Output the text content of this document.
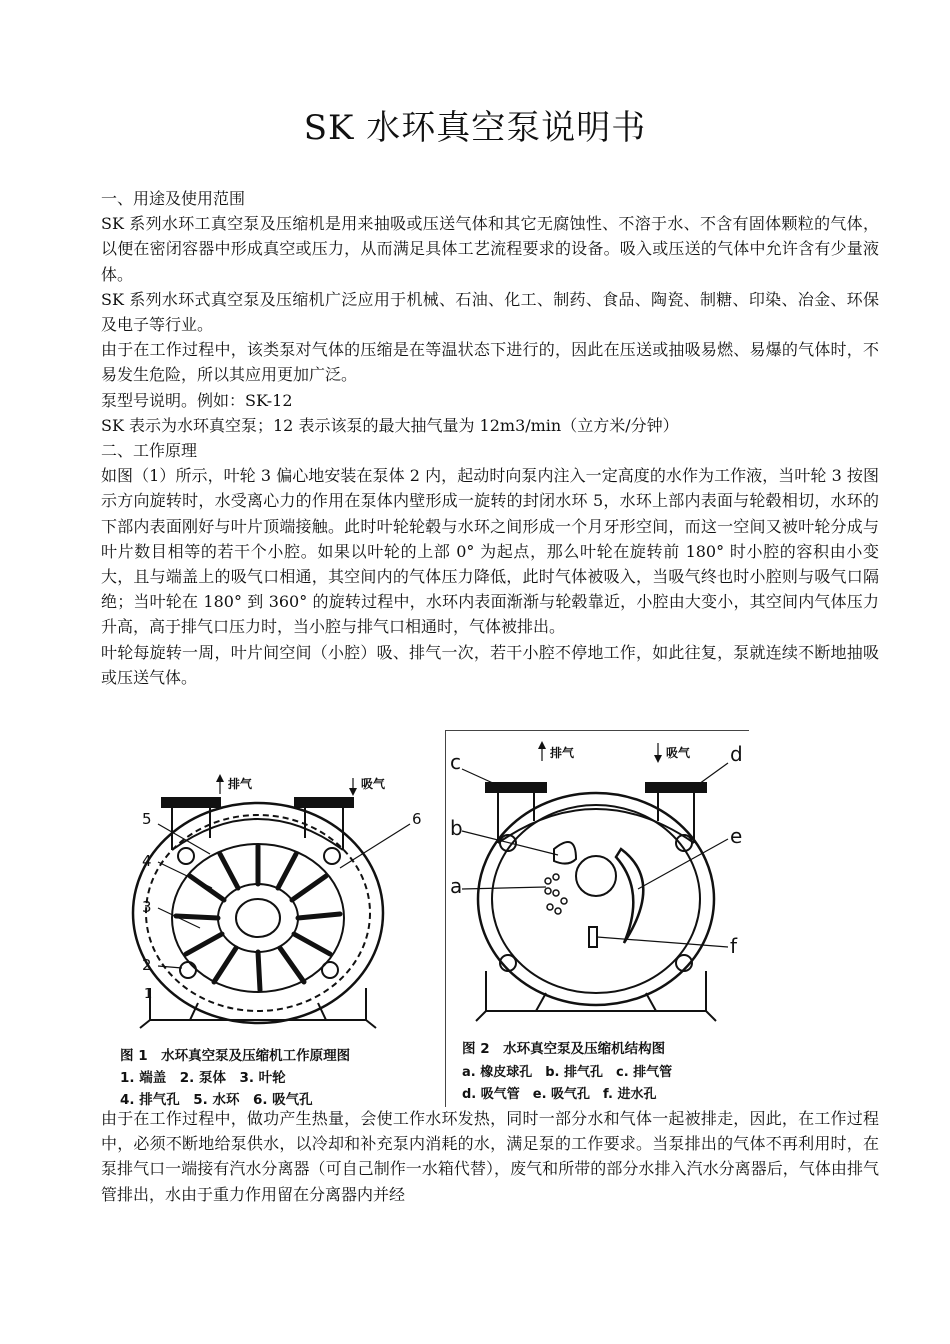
SK 水环真空泵说明书

一、用途及使用范围

SK 系列水环工真空泵及压缩机是用来抽吸或压送气体和其它无腐蚀性、不溶于水、不含有固体颗粒的气体，以便在密闭容器中形成真空或压力，从而满足具体工艺流程要求的设备。吸入或压送的气体中允许含有少量液体。

SK 系列水环式真空泵及压缩机广泛应用于机械、石油、化工、制药、食品、陶瓷、制糖、印染、冶金、环保及电子等行业。

由于在工作过程中，该类泵对气体的压缩是在等温状态下进行的，因此在压送或抽吸易燃、易爆的气体时，不易发生危险，所以其应用更加广泛。

泵型号说明。例如：SK-12

SK 表示为水环真空泵；12 表示该泵的最大抽气量为 12m3/min（立方米/分钟）

二、工作原理

如图（1）所示，叶轮 3 偏心地安装在泵体 2 内，起动时向泵内注入一定高度的水作为工作液，当叶轮 3 按图示方向旋转时，水受离心力的作用在泵体内壁形成一旋转的封闭水环 5，水环上部内表面与轮毂相切，水环的下部内表面刚好与叶片顶端接触。此时叶轮轮毂与水环之间形成一个月牙形空间，而这一空间又被叶轮分成与叶片数目相等的若干个小腔。如果以叶轮的上部 0° 为起点，那么叶轮在旋转前 180° 时小腔的容积由小变大，且与端盖上的吸气口相通，其空间内的气体压力降低，此时气体被吸入，当吸气终也时小腔则与吸气口隔绝；当叶轮在 180° 到 360° 的旋转过程中，水环内表面渐渐与轮毂靠近，小腔由大变小，其空间内气体压力升高，高于排气口压力时，当小腔与排气口相通时，气体被排出。

叶轮每旋转一周，叶片间空间（小腔）吸、排气一次，若干小腔不停地工作，如此往复，泵就连续不断地抽吸或压送气体。

排气	吸气
5
4
3
2
1
6
图 1　水环真空泵及压缩机工作原理图
1. 端盖　2. 泵体　3. 叶轮
4. 排气孔　5. 水环　6. 吸气孔
排气	吸气
c	d
b	e
a
f
图 2　水环真空泵及压缩机结构图
a. 橡皮球孔　b. 排气孔　c. 排气管
d. 吸气管　e. 吸气孔　f. 进水孔

由于在工作过程中，做功产生热量，会使工作水环发热，同时一部分水和气体一起被排走，因此，在工作过程中，必须不断地给泵供水，以冷却和补充泵内消耗的水，满足泵的工作要求。当泵排出的气体不再利用时，在泵排气口一端接有汽水分离器（可自己制作一水箱代替），废气和所带的部分水排入汽水分离器后，气体由排气管排出，水由于重力作用留在分离器内并经
